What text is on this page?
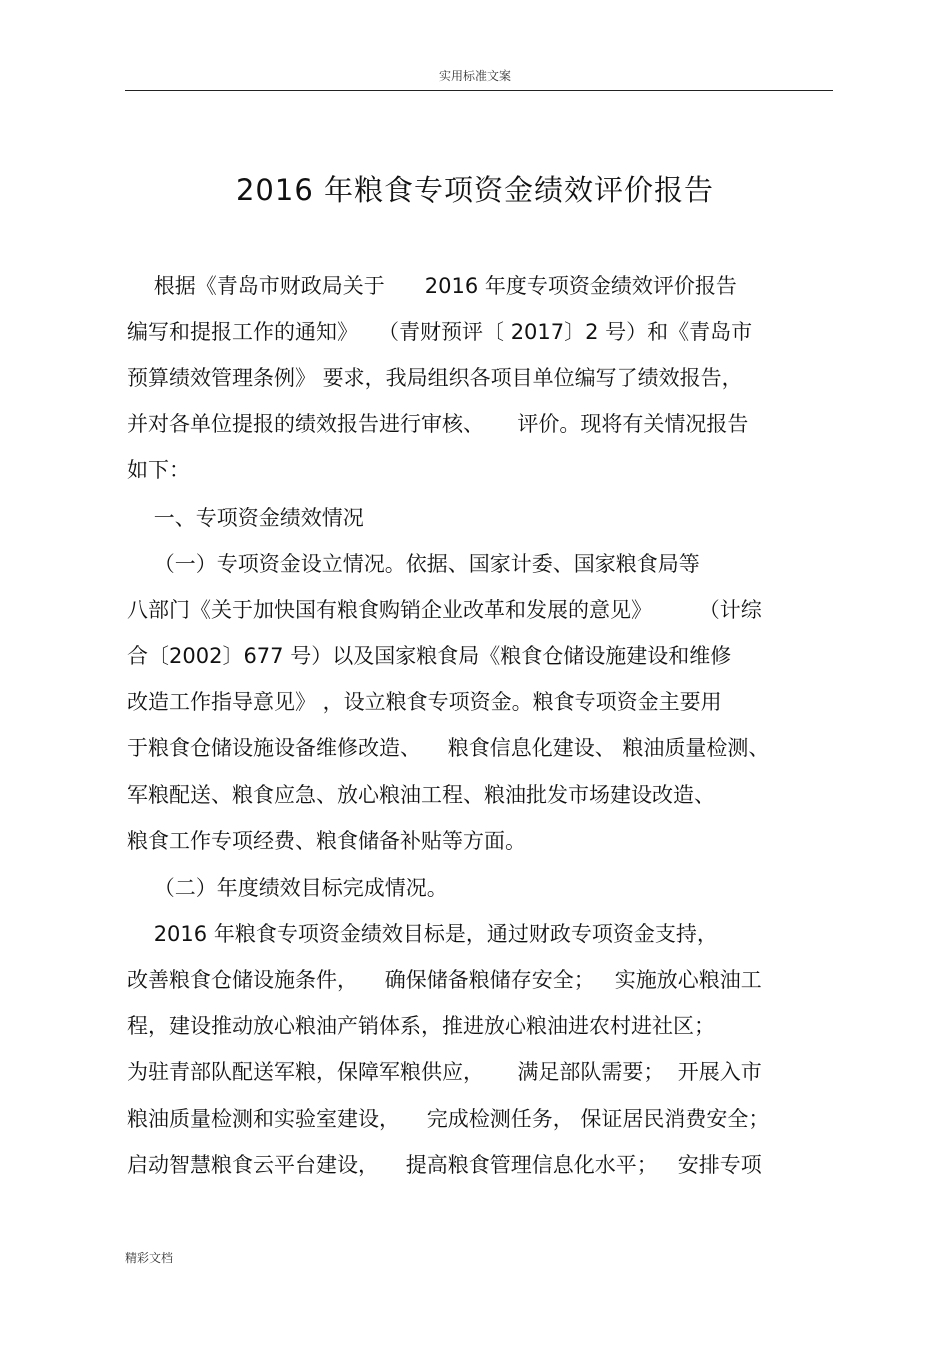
实用标准文案
2016 年粮食专项资金绩效评价报告
根据《青岛市财政局关于      2016 年度专项资金绩效评价报告
编写和提报工作的通知》   （青财预评〔 2017〕2 号）和《青岛市
预算绩效管理条例》 要求，我局组织各项目单位编写了绩效报告，
并对各单位提报的绩效报告进行审核、     评价。现将有关情况报告
如下：
一、专项资金绩效情况
（一）专项资金设立情况。依据、国家计委、国家粮食局等
八部门《关于加快国有粮食购销企业改革和发展的意见》       （计综
合〔2002〕677 号）以及国家粮食局《粮食仓储设施建设和维修
改造工作指导意见》 ，设立粮食专项资金。粮食专项资金主要用
于粮食仓储设施设备维修改造、    粮食信息化建设、 粮油质量检测、
军粮配送、粮食应急、放心粮油工程、粮油批发市场建设改造、
粮食工作专项经费、粮食储备补贴等方面。
（二）年度绩效目标完成情况。
2016 年粮食专项资金绩效目标是，通过财政专项资金支持，
改善粮食仓储设施条件，    确保储备粮储存安全；   实施放心粮油工
程，建设推动放心粮油产销体系，推进放心粮油进农村进社区；
为驻青部队配送军粮，保障军粮供应，     满足部队需要；  开展入市
粮油质量检测和实验室建设，    完成检测任务， 保证居民消费安全；
启动智慧粮食云平台建设，    提高粮食管理信息化水平；   安排专项
精彩文档
